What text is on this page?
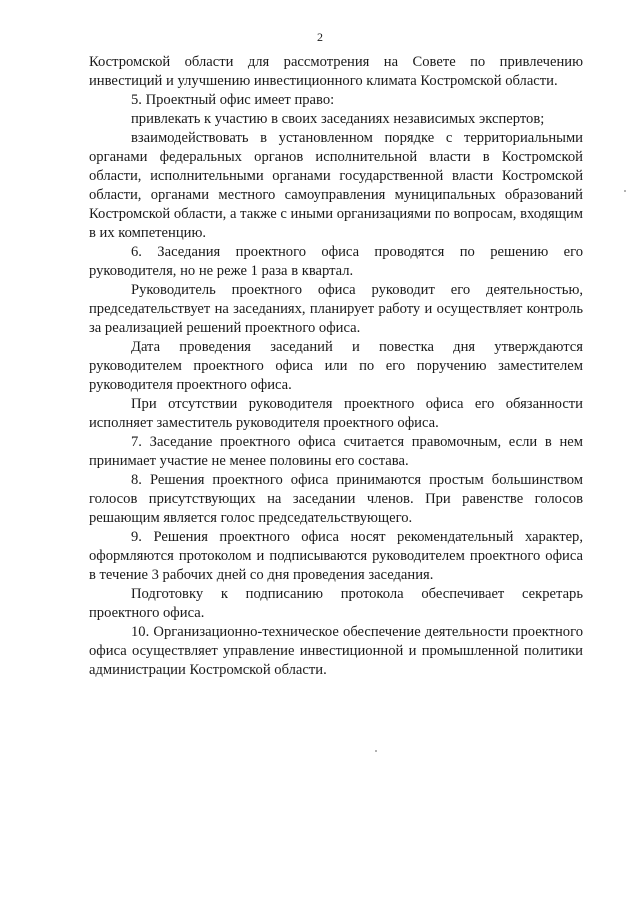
2

Костромской области для рассмотрения на Совете по привлечению инвестиций и улучшению инвестиционного климата Костромской области.

5. Проектный офис имеет право:

привлекать к участию в своих заседаниях независимых экспертов;

взаимодействовать в установленном порядке с территориальными органами федеральных органов исполнительной власти в Костромской области, исполнительными органами государственной власти Костромской области, органами местного самоуправления муниципальных образований Костромской области, а также с иными организациями по вопросам, входящим в их компетенцию.

6. Заседания проектного офиса проводятся по решению его руководителя, но не реже 1 раза в квартал.

Руководитель проектного офиса руководит его деятельностью, председательствует на заседаниях, планирует работу и осуществляет контроль за реализацией решений проектного офиса.

Дата проведения заседаний и повестка дня утверждаются руководителем проектного офиса или по его поручению заместителем руководителя проектного офиса.

При отсутствии руководителя проектного офиса его обязанности исполняет заместитель руководителя проектного офиса.

7. Заседание проектного офиса считается правомочным, если в нем принимает участие не менее половины его состава.

8. Решения проектного офиса принимаются простым большинством голосов присутствующих на заседании членов. При равенстве голосов решающим является голос председательствующего.

9. Решения проектного офиса носят рекомендательный характер, оформляются протоколом и подписываются руководителем проектного офиса в течение 3 рабочих дней со дня проведения заседания.

Подготовку к подписанию протокола обеспечивает секретарь проектного офиса.

10. Организационно-техническое обеспечение деятельности проектного офиса осуществляет управление инвестиционной и промышленной политики администрации Костромской области.
